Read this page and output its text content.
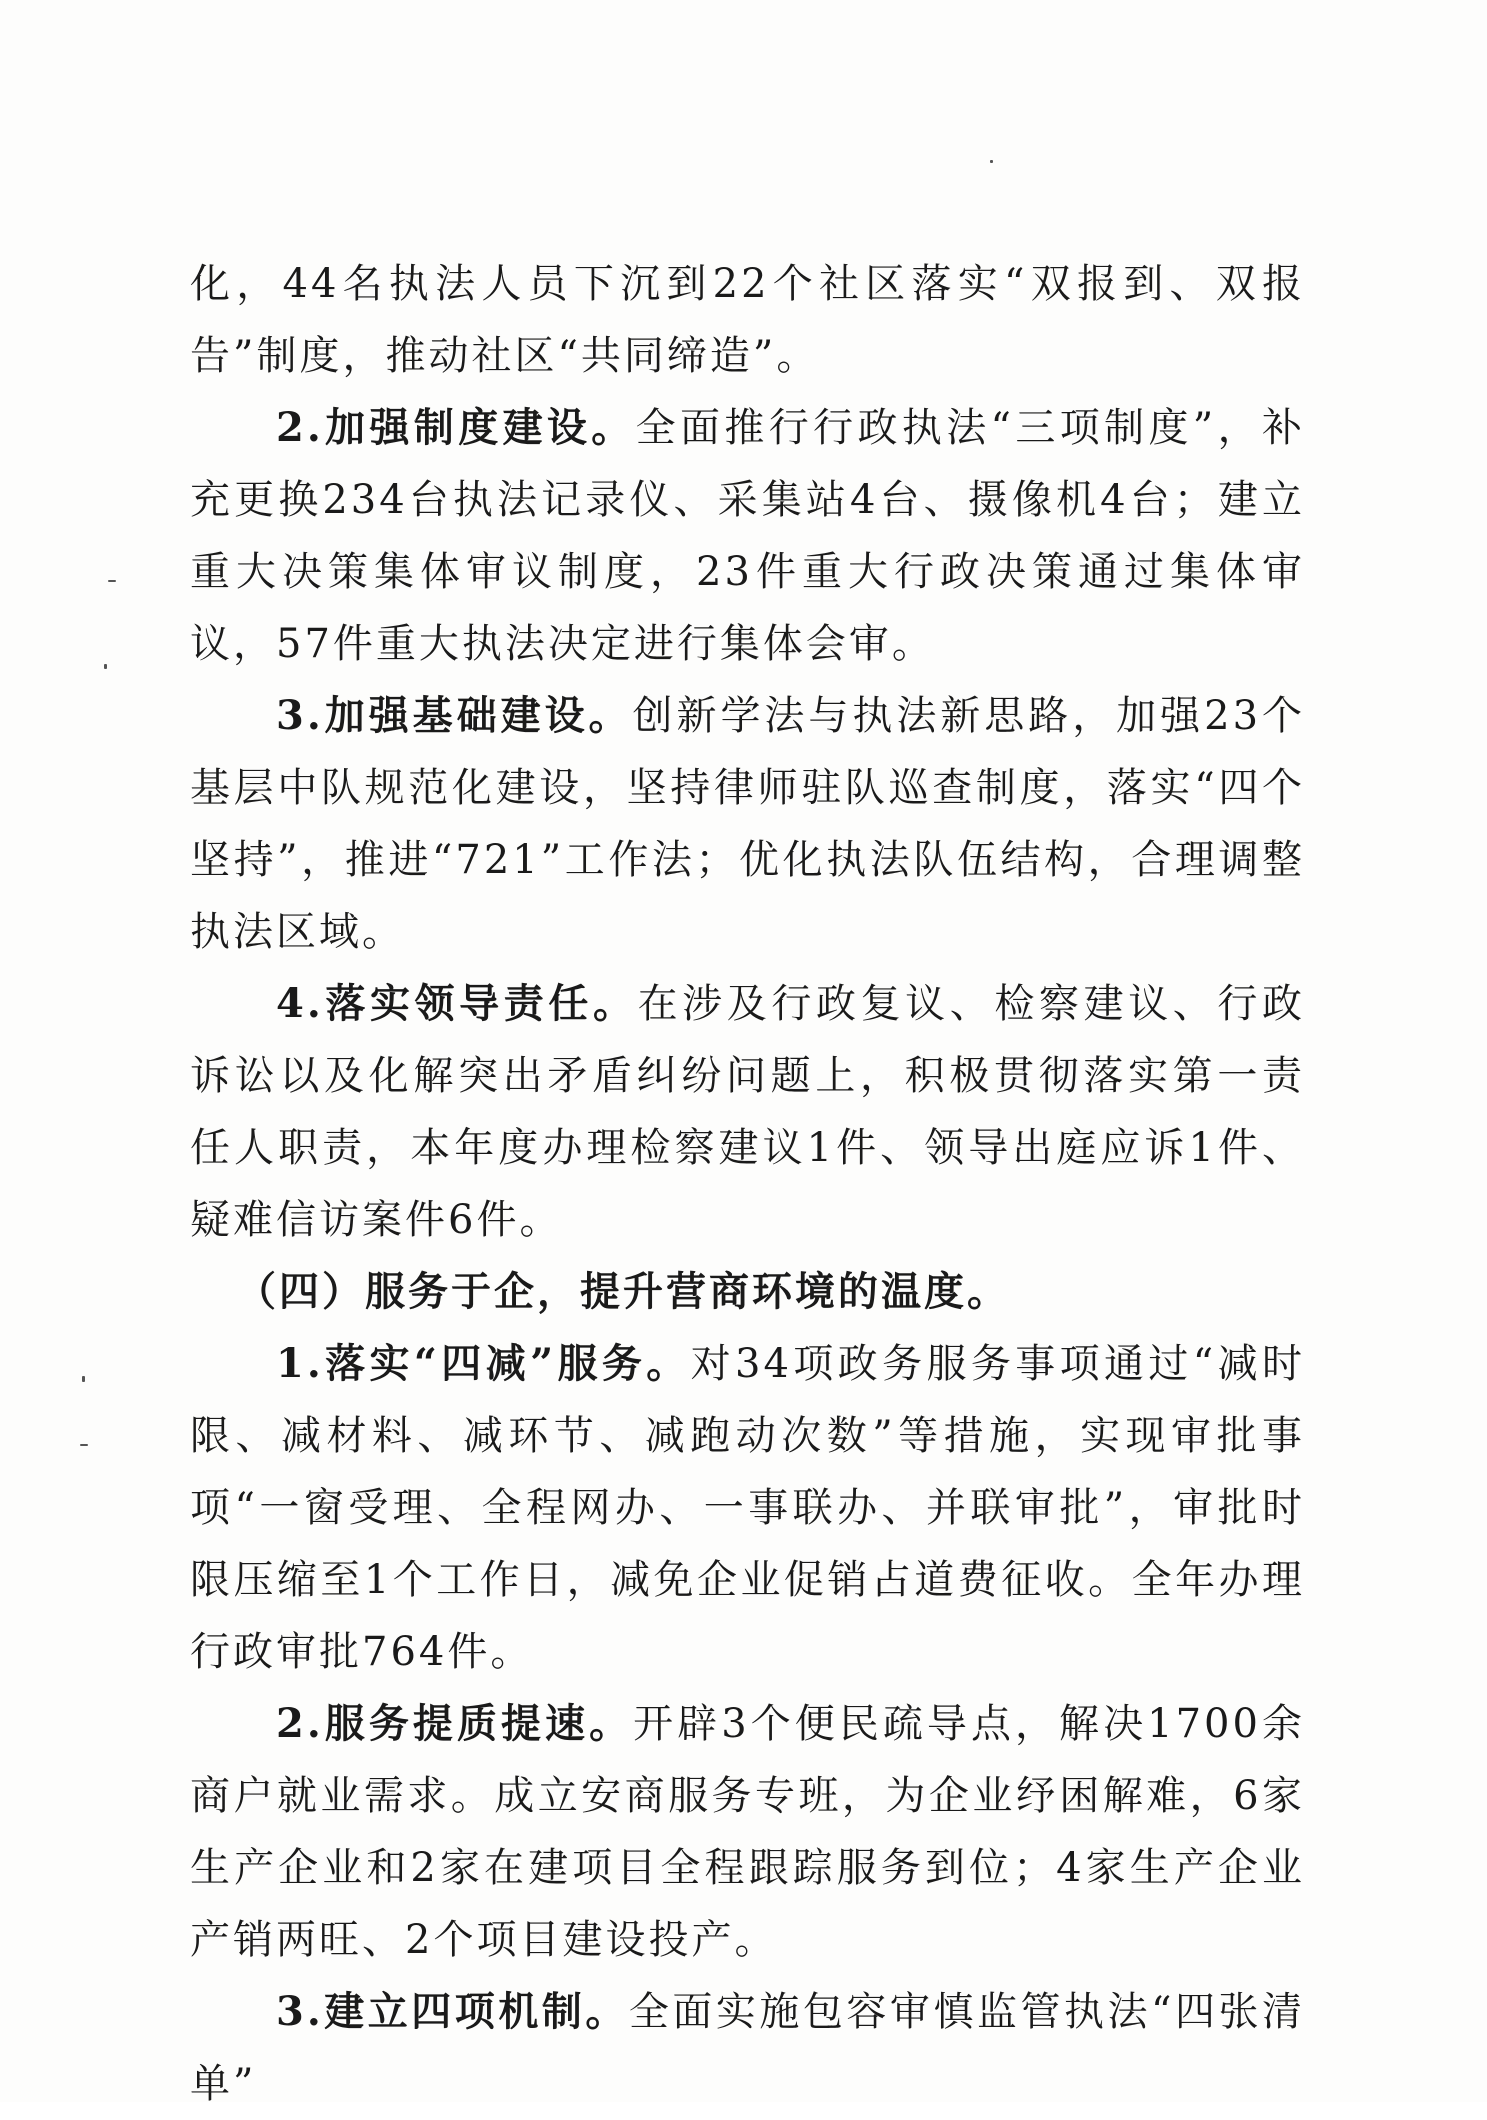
化，44名执法人员下沉到22个社区落实“双报到、双报告”制度，推动社区“共同缔造”。

2.加强制度建设。全面推行行政执法“三项制度”，补充更换234台执法记录仪、采集站4台、摄像机4台；建立重大决策集体审议制度，23件重大行政决策通过集体审议，57件重大执法决定进行集体会审。

3.加强基础建设。创新学法与执法新思路，加强23个基层中队规范化建设，坚持律师驻队巡查制度，落实“四个坚持”，推进“721”工作法；优化执法队伍结构，合理调整执法区域。

4.落实领导责任。在涉及行政复议、检察建议、行政诉讼以及化解突出矛盾纠纷问题上，积极贯彻落实第一责任人职责，本年度办理检察建议1件、领导出庭应诉1件、疑难信访案件6件。

（四）服务于企，提升营商环境的温度。

1.落实“四减”服务。对34项政务服务事项通过“减时限、减材料、减环节、减跑动次数”等措施，实现审批事项“一窗受理、全程网办、一事联办、并联审批”，审批时限压缩至1个工作日，减免企业促销占道费征收。全年办理行政审批764件。

2.服务提质提速。开辟3个便民疏导点，解决1700余商户就业需求。成立安商服务专班，为企业纾困解难，6家生产企业和2家在建项目全程跟踪服务到位；4家生产企业产销两旺、2个项目建设投产。

3.建立四项机制。全面实施包容审慎监管执法“四张清单”
